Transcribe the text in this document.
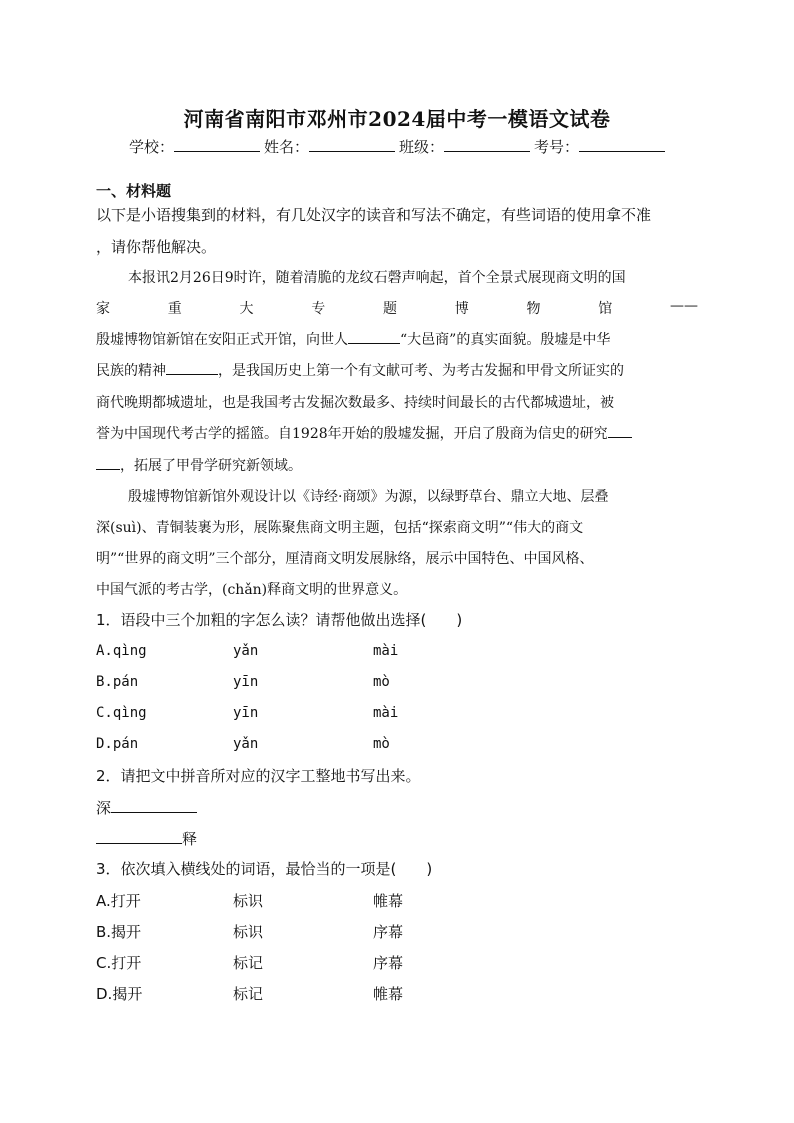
河南省南阳市邓州市2024届中考一模语文试卷
学校：	姓名：	班级：	考号：
一、材料题
以下是小语搜集到的材料，有几处汉字的读音和写法不确定，有些词语的使用拿不准
，请你帮他解决。
本报讯2月26日9时许，随着清脆的龙纹石磬声响起，首个全景式展现商文明的国
家	重	大	专	题	博	物	馆	——
殷墟博物馆新馆在安阳正式开馆，向世人	“大邑商”的真实面貌。殷墟是中华
民族的精神	，是我国历史上第一个有文献可考、为考古发掘和甲骨文所证实的
商代晚期都城遗址，也是我国考古发掘次数最多、持续时间最长的古代都城遗址，被
誉为中国现代考古学的摇篮。自1928年开始的殷墟发掘，开启了殷商为信史的研究
，拓展了甲骨学研究新领域。
殷墟博物馆新馆外观设计以《诗经·商颂》为源，以绿野草台、鼎立大地、层叠
深(suì)、青铜装裹为形，展陈聚焦商文明主题，包括“探索商文明”“伟大的商文
明”“世界的商文明”三个部分，厘清商文明发展脉络，展示中国特色、中国风格、
中国气派的考古学，(chǎn)释商文明的世界意义。
1．语段中三个加粗的字怎么读？请帮他做出选择(　　)
A.qìng	yǎn	mài
B.pán	yīn	mò
C.qìng	yīn	mài
D.pán	yǎn	mò
2．请把文中拼音所对应的汉字工整地书写出来。
深
释
3．依次填入横线处的词语，最恰当的一项是(　　)
A.打开	标识	帷幕
B.揭开	标识	序幕
C.打开	标记	序幕
D.揭开	标记	帷幕
